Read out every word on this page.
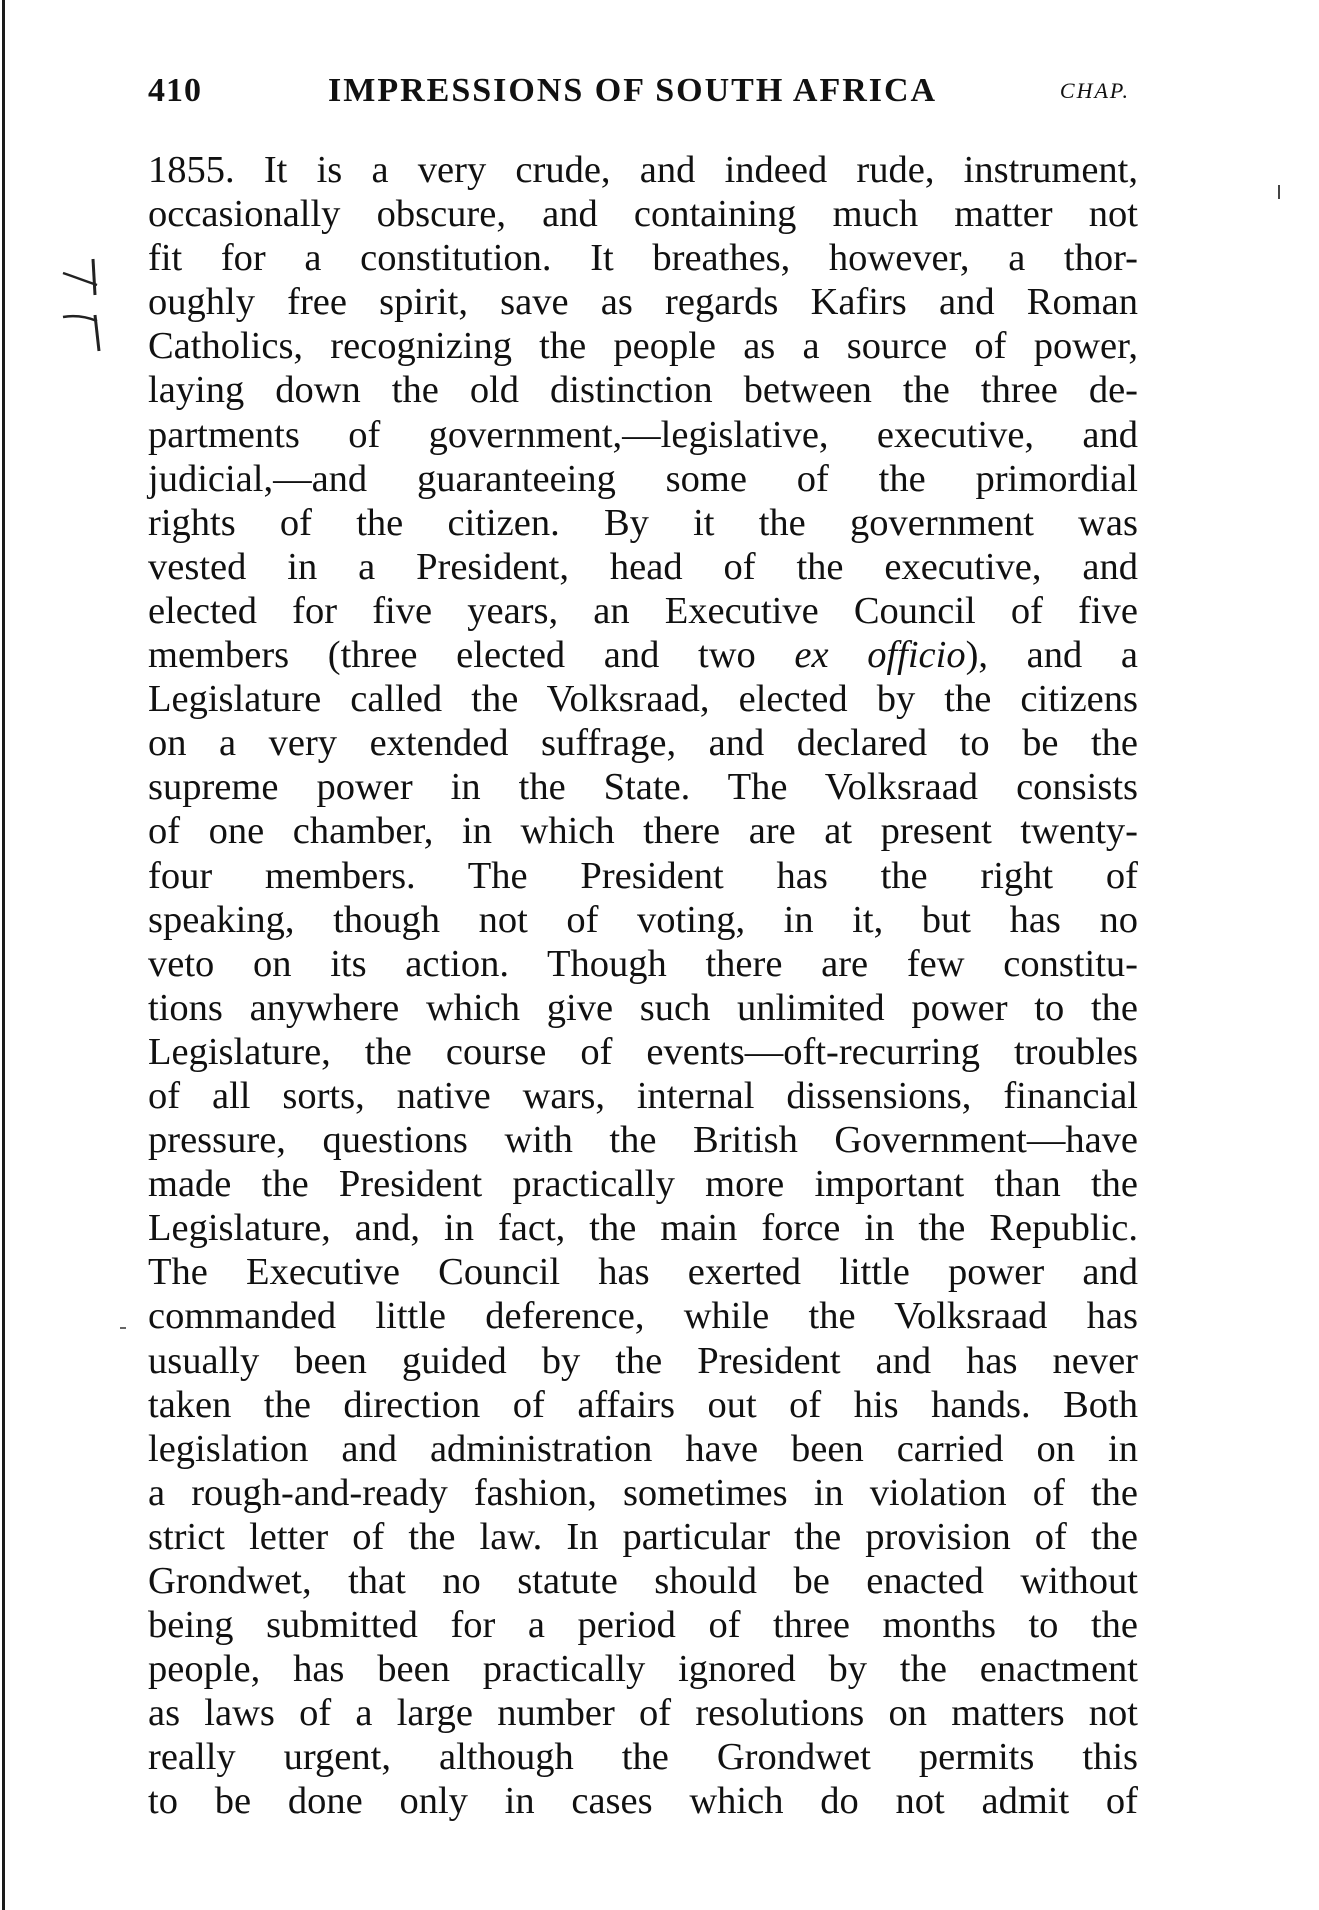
410	IMPRESSIONS OF SOUTH AFRICA	CHAP.
1855. It is a very crude, and indeed rude, instrument,
occasionally obscure, and containing much matter not
fit for a constitution. It breathes, however, a thor-
oughly free spirit, save as regards Kafirs and Roman
Catholics, recognizing the people as a source of power,
laying down the old distinction between the three de-
partments of government,—legislative, executive, and
judicial,—and guaranteeing some of the primordial
rights of the citizen. By it the government was
vested in a President, head of the executive, and
elected for five years, an Executive Council of five
members (three elected and two ex officio), and a
Legislature called the Volksraad, elected by the citizens
on a very extended suffrage, and declared to be the
supreme power in the State. The Volksraad consists
of one chamber, in which there are at present twenty-
four members. The President has the right of
speaking, though not of voting, in it, but has no
veto on its action. Though there are few constitu-
tions anywhere which give such unlimited power to the
Legislature, the course of events—oft-recurring troubles
of all sorts, native wars, internal dissensions, financial
pressure, questions with the British Government—have
made the President practically more important than the
Legislature, and, in fact, the main force in the Republic.
The Executive Council has exerted little power and
commanded little deference, while the Volksraad has
usually been guided by the President and has never
taken the direction of affairs out of his hands. Both
legislation and administration have been carried on in
a rough-and-ready fashion, sometimes in violation of the
strict letter of the law. In particular the provision of the
Grondwet, that no statute should be enacted without
being submitted for a period of three months to the
people, has been practically ignored by the enactment
as laws of a large number of resolutions on matters not
really urgent, although the Grondwet permits this
to be done only in cases which do not admit of
